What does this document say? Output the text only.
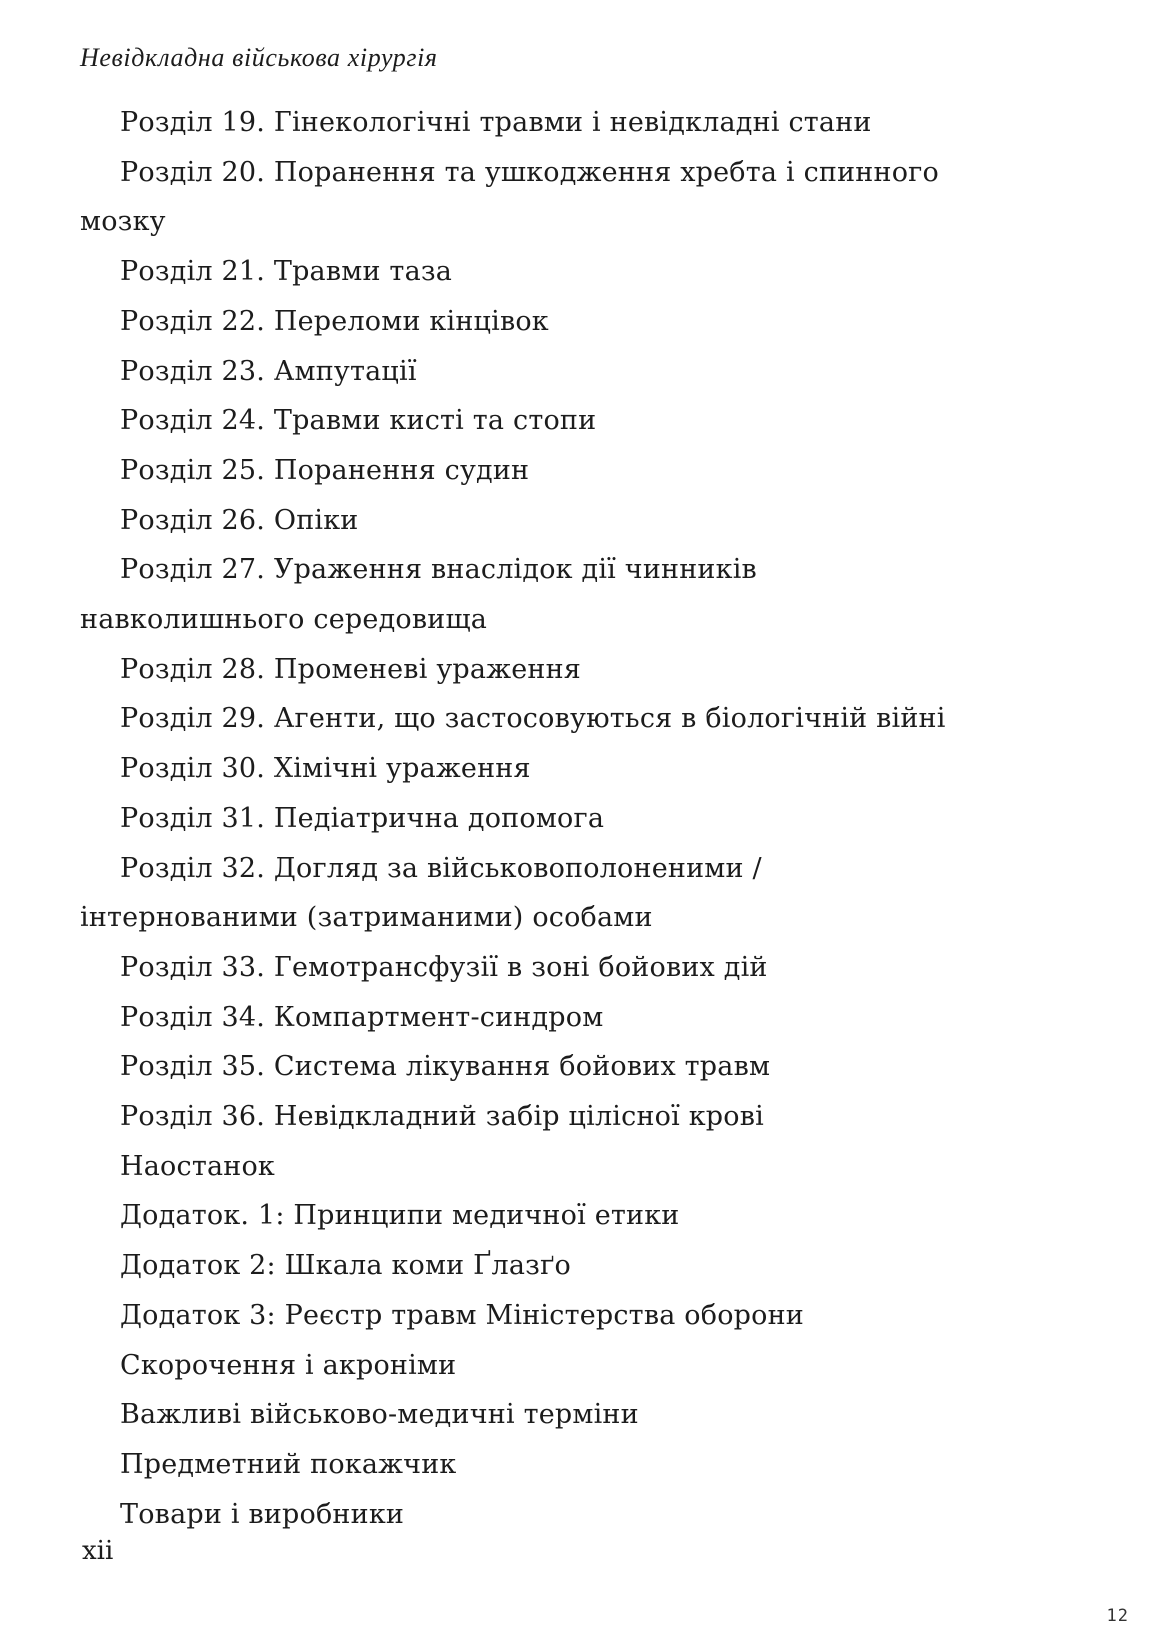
Невідкладна військова хірургія
Розділ 19. Гінекологічні травми і невідкладні стани
Розділ 20. Поранення та ушкодження хребта і спинного
мозку
Розділ 21. Травми таза
Розділ 22. Переломи кінцівок
Розділ 23. Ампутації
Розділ 24. Травми кисті та стопи
Розділ 25. Поранення судин
Розділ 26. Опіки
Розділ 27. Ураження внаслідок дії чинників
навколишнього середовища
Розділ 28. Променеві ураження
Розділ 29. Агенти, що застосовуються в біологічній війні
Розділ 30. Хімічні ураження
Розділ 31. Педіатрична допомога
Розділ 32. Догляд за військовополоненими /
інтернованими (затриманими) особами
Розділ 33. Гемотрансфузії в зоні бойових дій
Розділ 34. Компартмент-синдром
Розділ 35. Система лікування бойових травм
Розділ 36. Невідкладний забір цілісної крові
Наостанок
Додаток. 1: Принципи медичної етики
Додаток 2: Шкала коми Ґлазґо
Додаток 3: Реєстр травм Міністерства оборони
Скорочення і акроніми
Важливі військово-медичні терміни
Предметний покажчик
Товари і виробники
xii
12
